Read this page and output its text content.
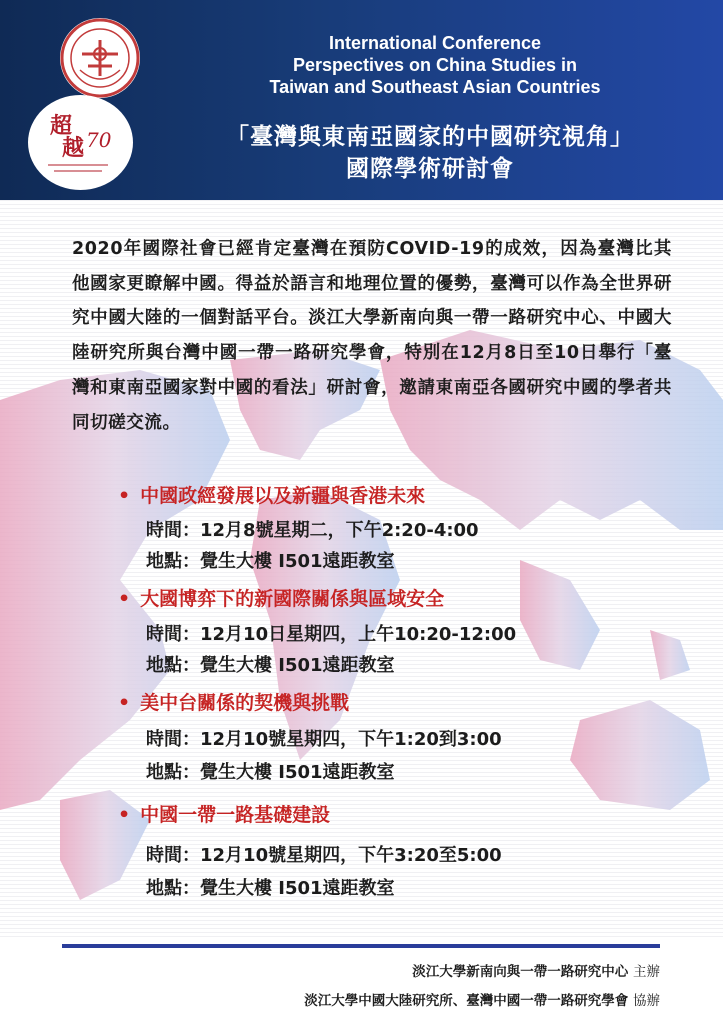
超
越 70
International Conference
Perspectives on China Studies in
Taiwan and Southeast Asian Countries
「臺灣與東南亞國家的中國研究視角」
國際學術研討會
2020年國際社會已經肯定臺灣在預防COVID-19的成效，因為臺灣比其他國家更瞭解中國。得益於語言和地理位置的優勢，臺灣可以作為全世界研究中國大陸的一個對話平台。淡江大學新南向與一帶一路研究中心、中國大陸研究所與台灣中國一帶一路研究學會，特別在12月8日至10日舉行「臺灣和東南亞國家對中國的看法」研討會，邀請東南亞各國研究中國的學者共同切磋交流。
• 中國政經發展以及新疆與香港未來
時間：12月8號星期二，下午2:20-4:00
地點：覺生大樓 I501遠距教室
• 大國博弈下的新國際關係與區域安全
時間：12月10日星期四，上午10:20-12:00
地點：覺生大樓 I501遠距教室
• 美中台關係的契機與挑戰
時間：12月10號星期四，下午1:20到3:00
地點：覺生大樓 I501遠距教室
• 中國一帶一路基礎建設
時間：12月10號星期四，下午3:20至5:00
地點：覺生大樓 I501遠距教室
淡江大學新南向與一帶一路研究中心 主辦
淡江大學中國大陸研究所、臺灣中國一帶一路研究學會 協辦
